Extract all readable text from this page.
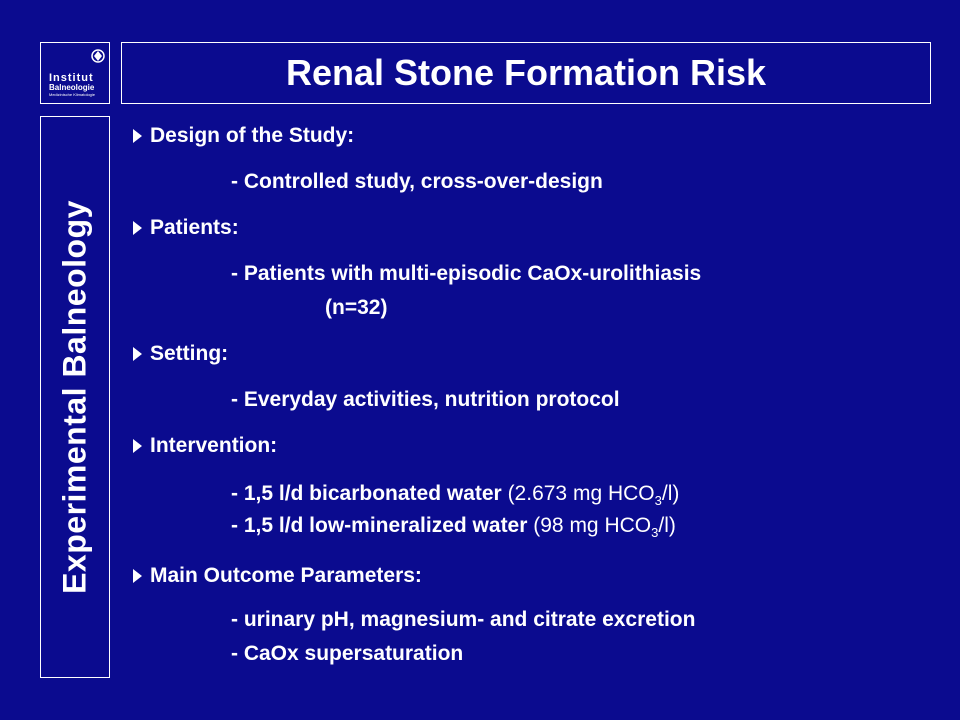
Institut
Balneologie
Medizinische Klimatologie
Renal Stone Formation Risk
Experimental Balneology
Design of the Study:
- Controlled study, cross-over-design
Patients:
- Patients with multi-episodic CaOx-urolithiasis
(n=32)
Setting:
- Everyday activities, nutrition protocol
Intervention:
- 1,5 l/d bicarbonated water (2.673 mg $HCO_3/l$)
- 1,5 l/d low-mineralized water (98 mg $HCO_3/l$)
Main Outcome Parameters:
- urinary pH, magnesium- and citrate excretion
- CaOx supersaturation
